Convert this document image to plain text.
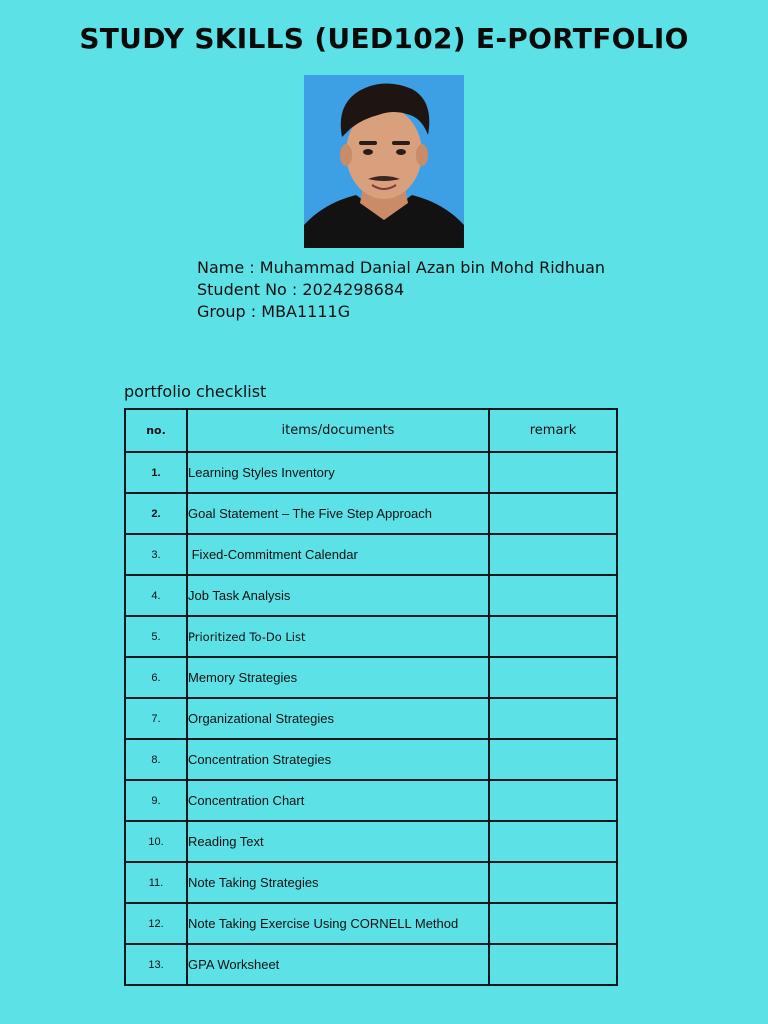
STUDY SKILLS (UED102) E-PORTFOLIO
Name : Muhammad Danial Azan bin Mohd Ridhuan
Student No : 2024298684
Group : MBA1111G
portfolio checklist
no.	items/documents	remark
1.	Learning Styles Inventory	
2.	Goal Statement – The Five Step Approach	
3.	Fixed-Commitment Calendar	
4.	Job Task Analysis	
5.	Prioritized To-Do List	
6.	Memory Strategies	
7.	Organizational Strategies	
8.	Concentration Strategies	
9.	Concentration Chart	
10.	Reading Text	
11.	Note Taking Strategies	
12.	Note Taking Exercise Using CORNELL Method	
13.	GPA Worksheet	
